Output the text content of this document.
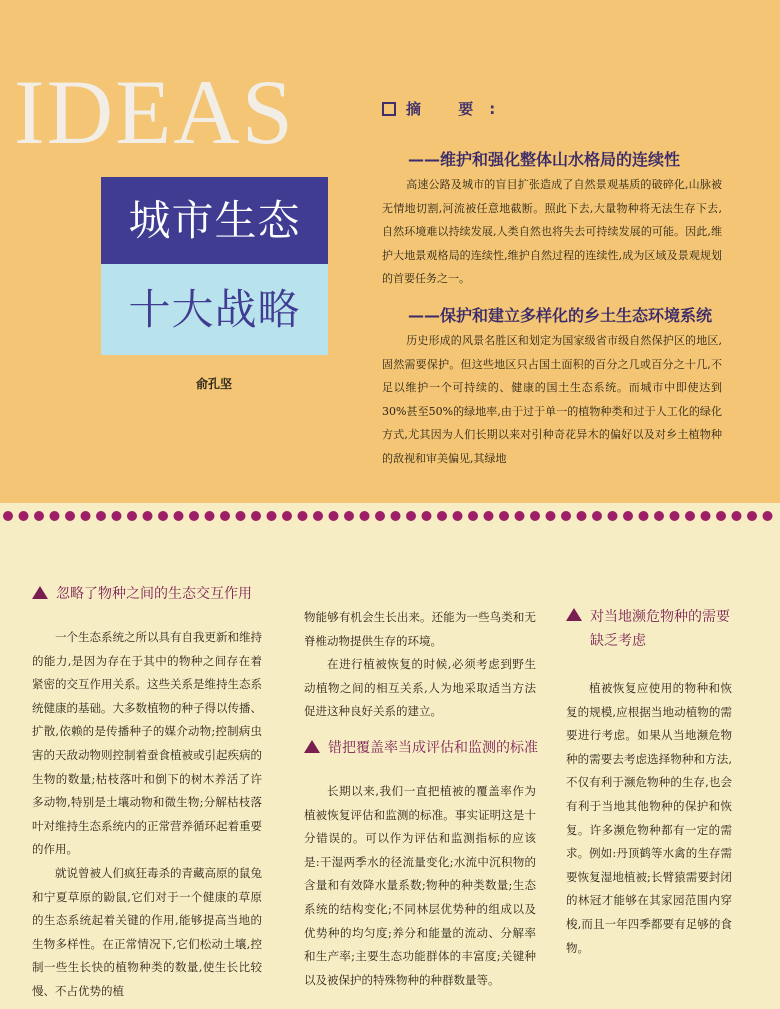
IDEAS
城市生态
十大战略
俞孔坚
摘 要:
——维护和强化整体山水格局的连续性
高速公路及城市的盲目扩张造成了自然景观基质的破碎化,山脉被无情地切割,河流被任意地截断。照此下去,大量物种将无法生存下去,自然环境难以持续发展,人类自然也将失去可持续发展的可能。因此,维护大地景观格局的连续性,维护自然过程的连续性,成为区域及景观规划的首要任务之一。
——保护和建立多样化的乡土生态环境系统
历史形成的风景名胜区和划定为国家级省市级自然保护区的地区,固然需要保护。但这些地区只占国土面积的百分之几或百分之十几,不足以维护一个可持续的、健康的国土生态系统。而城市中即使达到30%甚至50%的绿地率,由于过于单一的植物种类和过于人工化的绿化方式,尤其因为人们长期以来对引种奇花异木的偏好以及对乡土植物种的敌视和审美偏见,其绿地
忽略了物种之间的生态交互作用

一个生态系统之所以具有自我更新和维持的能力,是因为存在于其中的物种之间存在着紧密的交互作用关系。这些关系是维持生态系统健康的基础。大多数植物的种子得以传播、扩散,依赖的是传播种子的媒介动物;控制病虫害的天敌动物则控制着蚕食植被或引起疾病的生物的数量;枯枝落叶和倒下的树木养活了许多动物,特别是土壤动物和微生物;分解枯枝落叶对维持生态系统内的正常营养循环起着重要的作用。

就说曾被人们疯狂毒杀的青藏高原的鼠兔和宁夏草原的鼢鼠,它们对于一个健康的草原的生态系统起着关键的作用,能够提高当地的生物多样性。在正常情况下,它们松动土壤,控制一些生长快的植物种类的数量,使生长比较慢、不占优势的植

物能够有机会生长出来。还能为一些鸟类和无脊椎动物提供生存的环境。

在进行植被恢复的时候,必须考虑到野生动植物之间的相互关系,人为地采取适当方法促进这种良好关系的建立。

错把覆盖率当成评估和监测的标准

长期以来,我们一直把植被的覆盖率作为植被恢复评估和监测的标准。事实证明这是十分错误的。可以作为评估和监测指标的应该是:干湿两季水的径流量变化;水流中沉积物的含量和有效降水量系数;物种的种类数量;生态系统的结构变化;不同林层优势种的组成以及优势种的均匀度;养分和能量的流动、分解率和生产率;主要生态功能群体的丰富度;关键种以及被保护的特殊物种的种群数量等。

对当地濒危物种的需要缺乏考虑

植被恢复应使用的物种和恢复的规模,应根据当地动植物的需要进行考虑。如果从当地濒危物种的需要去考虑选择物种和方法,不仅有利于濒危物种的生存,也会有利于当地其他物种的保护和恢复。许多濒危物种都有一定的需求。例如:丹顶鹤等水禽的生存需要恢复湿地植被;长臂猿需要封闭的林冠才能够在其家园范围内穿梭,而且一年四季都要有足够的食物。
